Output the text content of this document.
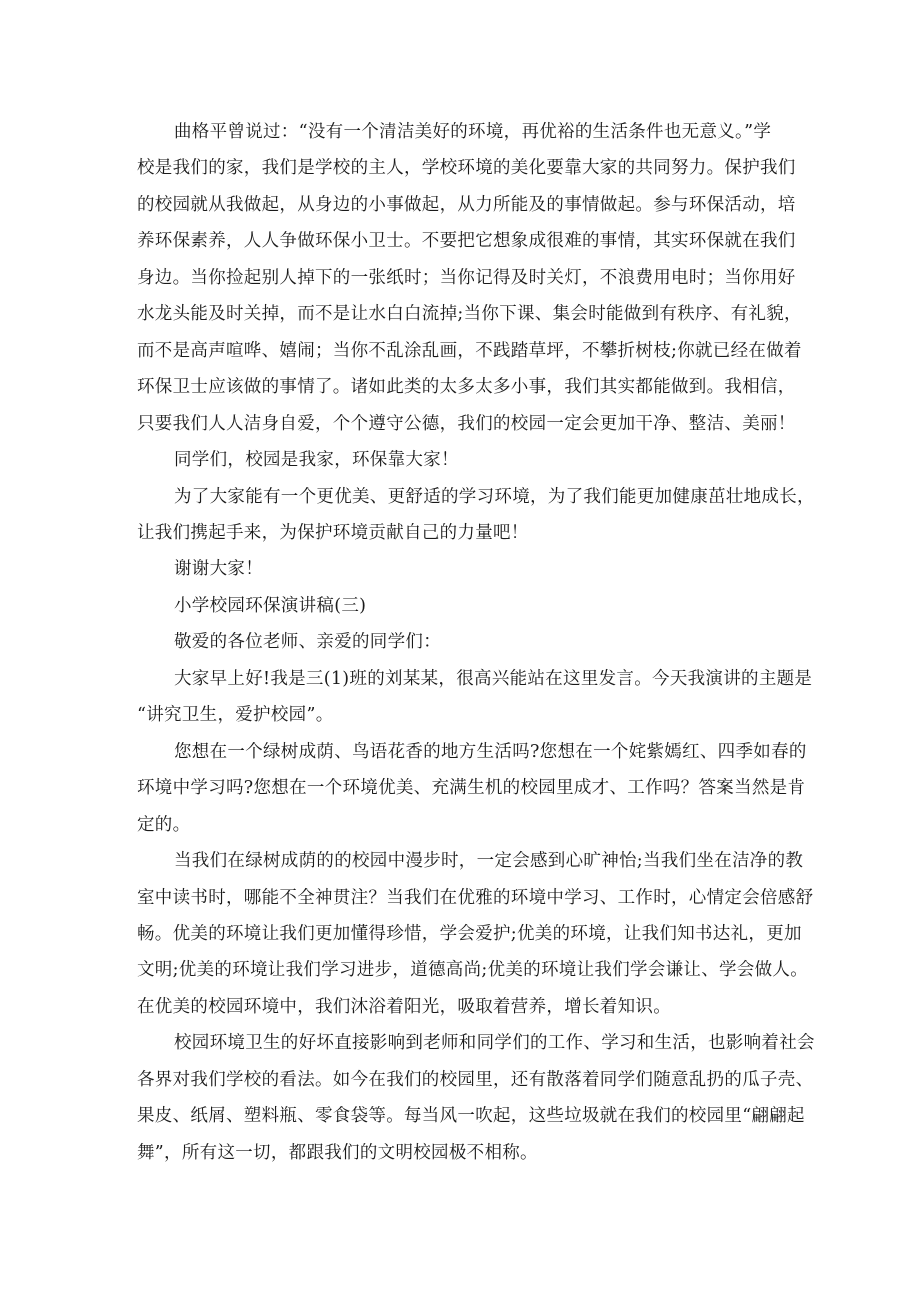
曲格平曾说过：“没有一个清洁美好的环境，再优裕的生活条件也无意义。”学
校是我们的家，我们是学校的主人，学校环境的美化要靠大家的共同努力。保护我们
的校园就从我做起，从身边的小事做起，从力所能及的事情做起。参与环保活动，培
养环保素养，人人争做环保小卫士。不要把它想象成很难的事情，其实环保就在我们
身边。当你捡起别人掉下的一张纸时；当你记得及时关灯，不浪费用电时；当你用好
水龙头能及时关掉，而不是让水白白流掉;当你下课、集会时能做到有秩序、有礼貌，
而不是高声喧哗、嬉闹；当你不乱涂乱画，不践踏草坪，不攀折树枝;你就已经在做着
环保卫士应该做的事情了。诸如此类的太多太多小事，我们其实都能做到。我相信，
只要我们人人洁身自爱，个个遵守公德，我们的校园一定会更加干净、整洁、美丽！
同学们，校园是我家，环保靠大家！
为了大家能有一个更优美、更舒适的学习环境，为了我们能更加健康茁壮地成长，
让我们携起手来，为保护环境贡献自己的力量吧！
谢谢大家！
小学校园环保演讲稿(三)
敬爱的各位老师、亲爱的同学们：
大家早上好!我是三(1)班的刘某某，很高兴能站在这里发言。今天我演讲的主题是
“讲究卫生，爱护校园”。
您想在一个绿树成荫、鸟语花香的地方生活吗?您想在一个姹紫嫣红、四季如春的
环境中学习吗?您想在一个环境优美、充满生机的校园里成才、工作吗？答案当然是肯
定的。
当我们在绿树成荫的的校园中漫步时，一定会感到心旷神怡;当我们坐在洁净的教
室中读书时，哪能不全神贯注？当我们在优雅的环境中学习、工作时，心情定会倍感舒
畅。优美的环境让我们更加懂得珍惜，学会爱护;优美的环境，让我们知书达礼，更加
文明;优美的环境让我们学习进步，道德高尚;优美的环境让我们学会谦让、学会做人。
在优美的校园环境中，我们沐浴着阳光，吸取着营养，增长着知识。
校园环境卫生的好坏直接影响到老师和同学们的工作、学习和生活，也影响着社会
各界对我们学校的看法。如今在我们的校园里，还有散落着同学们随意乱扔的瓜子壳、
果皮、纸屑、塑料瓶、零食袋等。每当风一吹起，这些垃圾就在我们的校园里“翩翩起
舞”，所有这一切，都跟我们的文明校园极不相称。
